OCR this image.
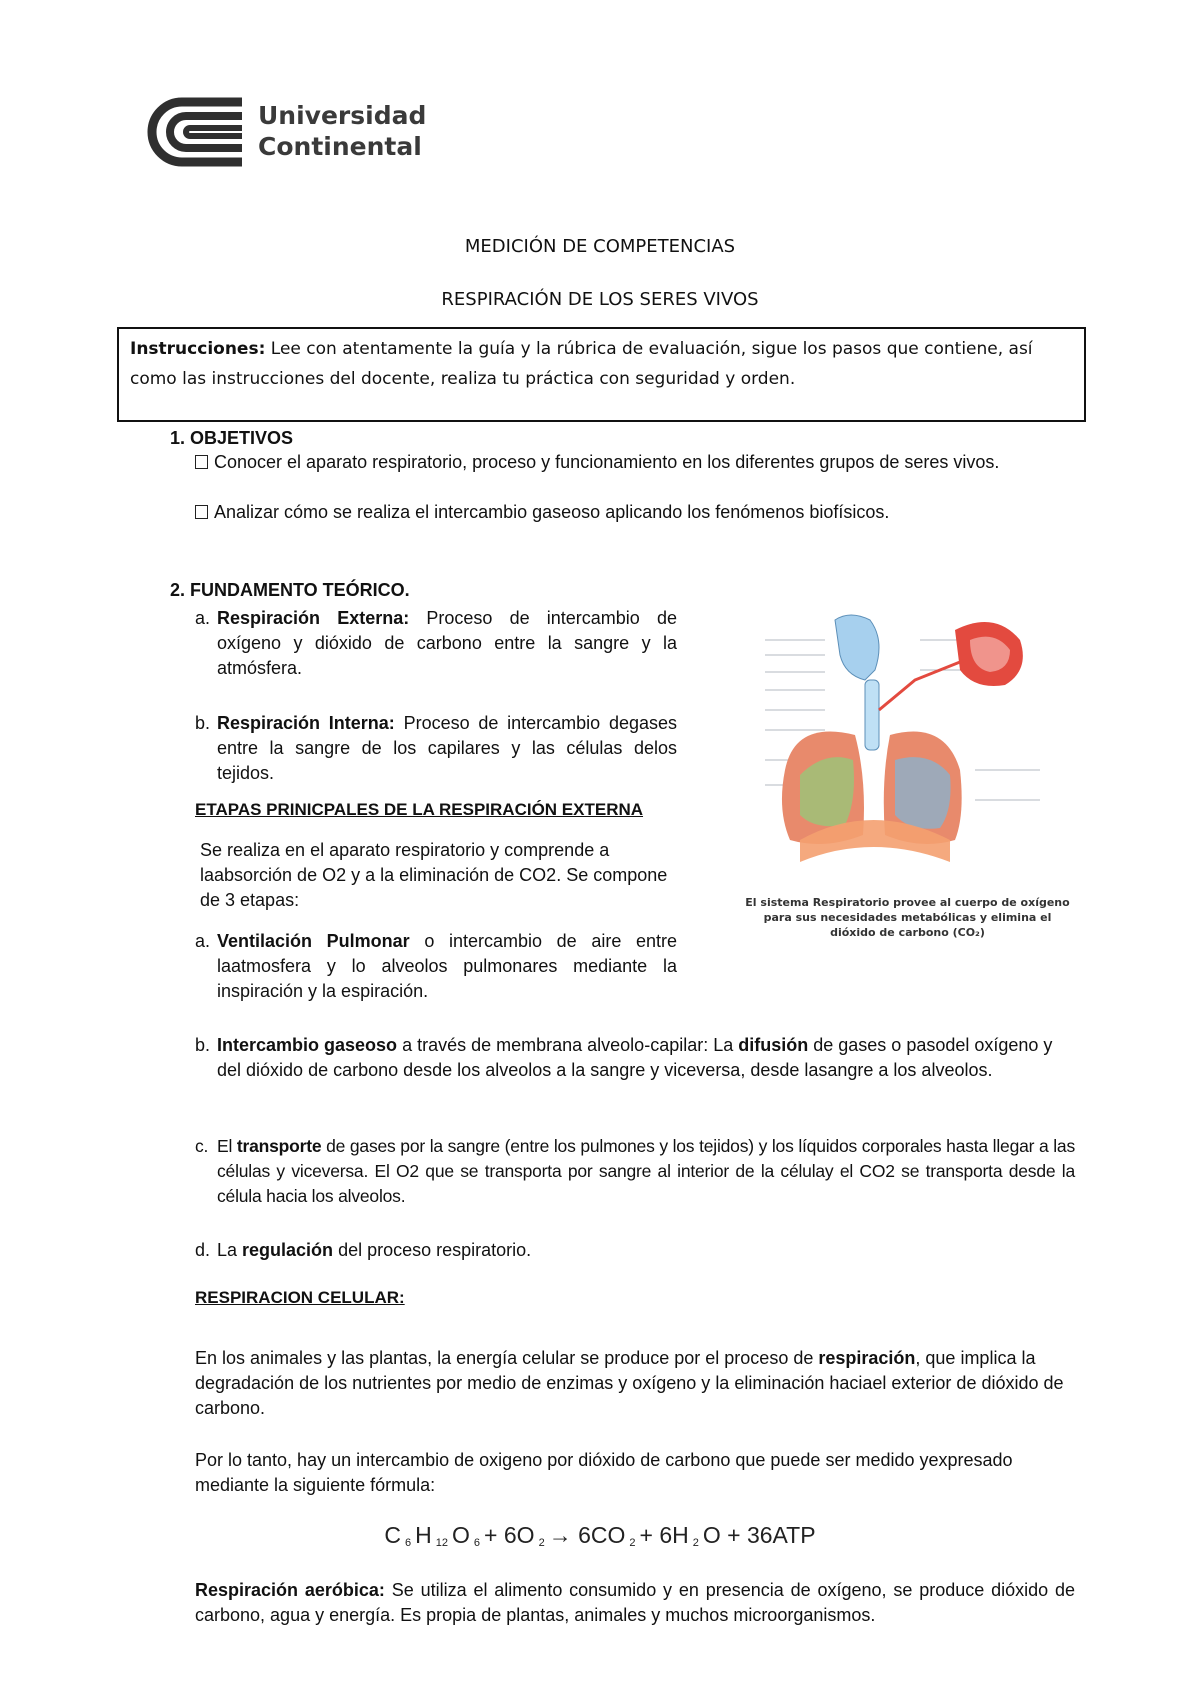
Universidad
Continental
MEDICIÓN DE COMPETENCIAS
RESPIRACIÓN DE LOS SERES VIVOS
Instrucciones: Lee con atentamente la guía y la rúbrica de evaluación, sigue los pasos que contiene, así como las instrucciones del docente, realiza tu práctica con seguridad y orden.
1. OBJETIVOS
Conocer el aparato respiratorio, proceso y funcionamiento en los diferentes grupos de seres vivos.
Analizar cómo se realiza el intercambio gaseoso aplicando los fenómenos biofísicos.
2. FUNDAMENTO TEÓRICO.
a. Respiración Externa: Proceso de intercambio de oxígeno y dióxido de carbono entre la sangre y la atmósfera.
b. Respiración Interna: Proceso de intercambio degases entre la sangre de los capilares y las células delos tejidos.
ETAPAS PRINICPALES DE LA RESPIRACIÓN EXTERNA
Se realiza en el aparato respiratorio y comprende a laabsorción de O2 y a la eliminación de CO2. Se compone de 3 etapas:
a. Ventilación Pulmonar o intercambio de aire entre laatmosfera y lo alveolos pulmonares mediante la inspiración y la espiración.
b. Intercambio gaseoso a través de membrana alveolo-capilar: La difusión de gases o pasodel oxígeno y del dióxido de carbono desde los alveolos a la sangre y viceversa, desde lasangre a los alveolos.
c. El transporte de gases por la sangre (entre los pulmones y los tejidos) y los líquidos corporales hasta llegar a las células y viceversa. El O2 que se transporta por sangre al interior de la célulay el CO2 se transporta desde la célula hacia los alveolos.
d. La regulación del proceso respiratorio.
El sistema Respiratorio provee al cuerpo de oxígeno para sus necesidades metabólicas y elimina el dióxido de carbono (CO₂)
RESPIRACION CELULAR:
En los animales y las plantas, la energía celular se produce por el proceso de respiración, que implica la degradación de los nutrientes por medio de enzimas y oxígeno y la eliminación haciael exterior de dióxido de carbono.
Por lo tanto, hay un intercambio de oxigeno por dióxido de carbono que puede ser medido yexpresado mediante la siguiente fórmula:
C $_6$ H $_{12}$ O $_6$ + 6O $_2$ → 6CO $_2$ + 6H $_2$ O + 36ATP
Respiración aeróbica: Se utiliza el alimento consumido y en presencia de oxígeno, se produce dióxido de carbono, agua y energía. Es propia de plantas, animales y muchos microorganismos.
